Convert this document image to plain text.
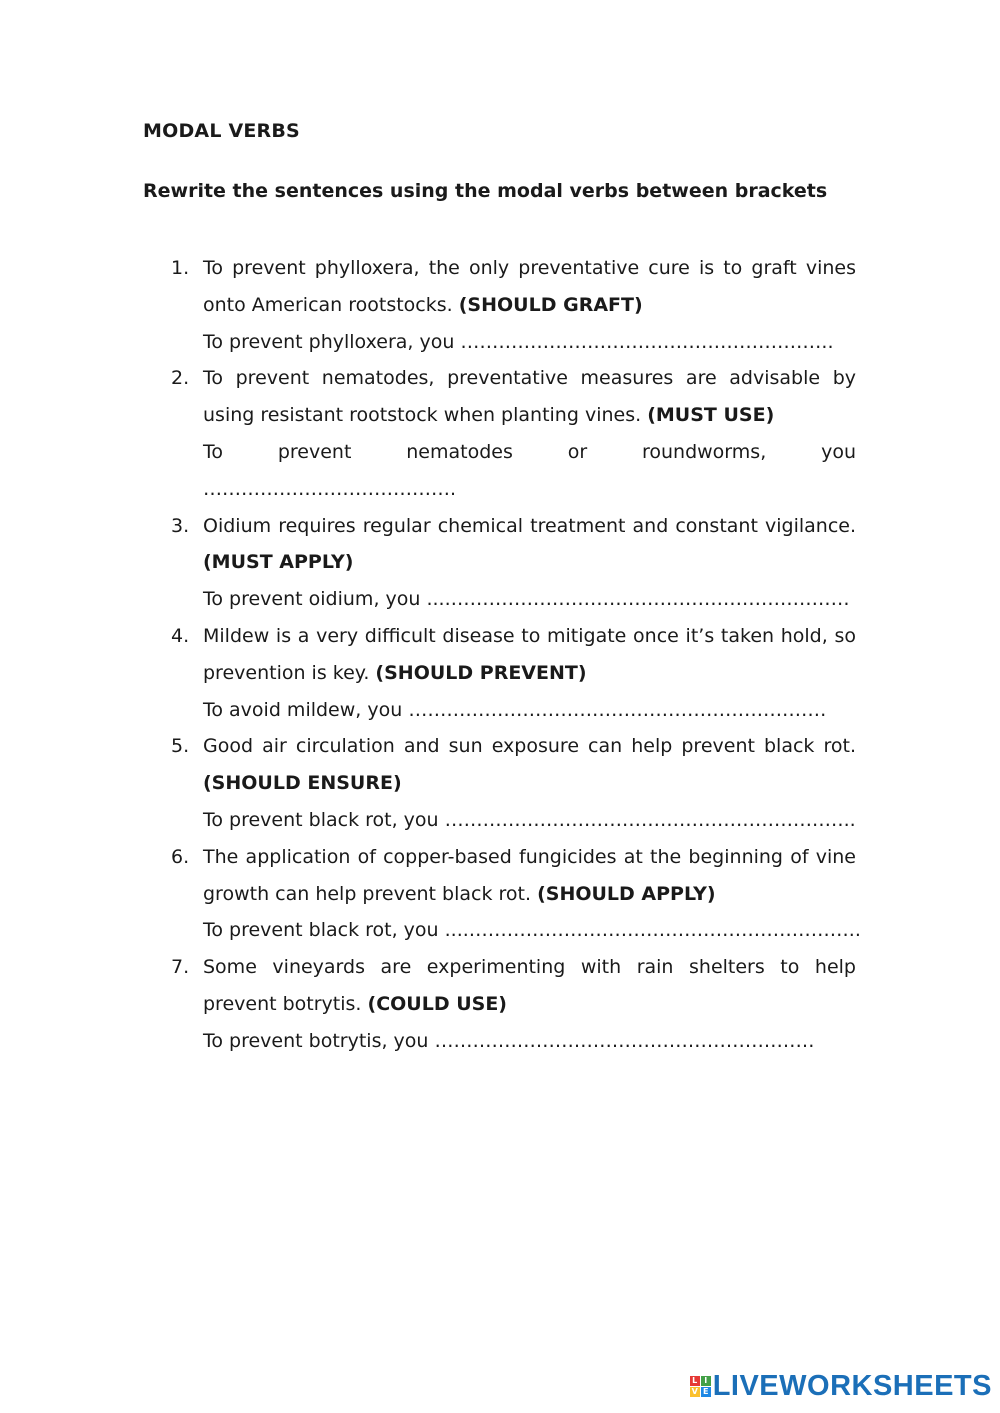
MODAL VERBS
Rewrite the sentences using the modal verbs between brackets
1. To prevent phylloxera, the only preventative cure is to graft vines onto American rootstocks. (SHOULD GRAFT)

To prevent phylloxera, you …………………………………………………..

2. To prevent nematodes, preventative measures are advisable by using resistant rootstock when planting vines. (MUST USE)

To prevent nematodes or roundworms, you ………………………………….

3. Oidium requires regular chemical treatment and constant vigilance. (MUST APPLY)

To prevent oidium, you ....………………………………………………………

4. Mildew is a very difficult disease to mitigate once it’s taken hold, so prevention is key. (SHOULD PREVENT)

To avoid mildew, you …………………………………………………………

5. Good air circulation and sun exposure can help prevent black rot. (SHOULD ENSURE)

To prevent black rot, you ………………………………………………………..

6. The application of copper-based fungicides at the beginning of vine growth can help prevent black rot. (SHOULD APPLY)

To prevent black rot, you ....……………………………………………………..

7. Some vineyards are experimenting with rain shelters to help prevent botrytis. (COULD USE)

To prevent botrytis, you ……………………………………………………

L I
V E LIVEWORKSHEETS
